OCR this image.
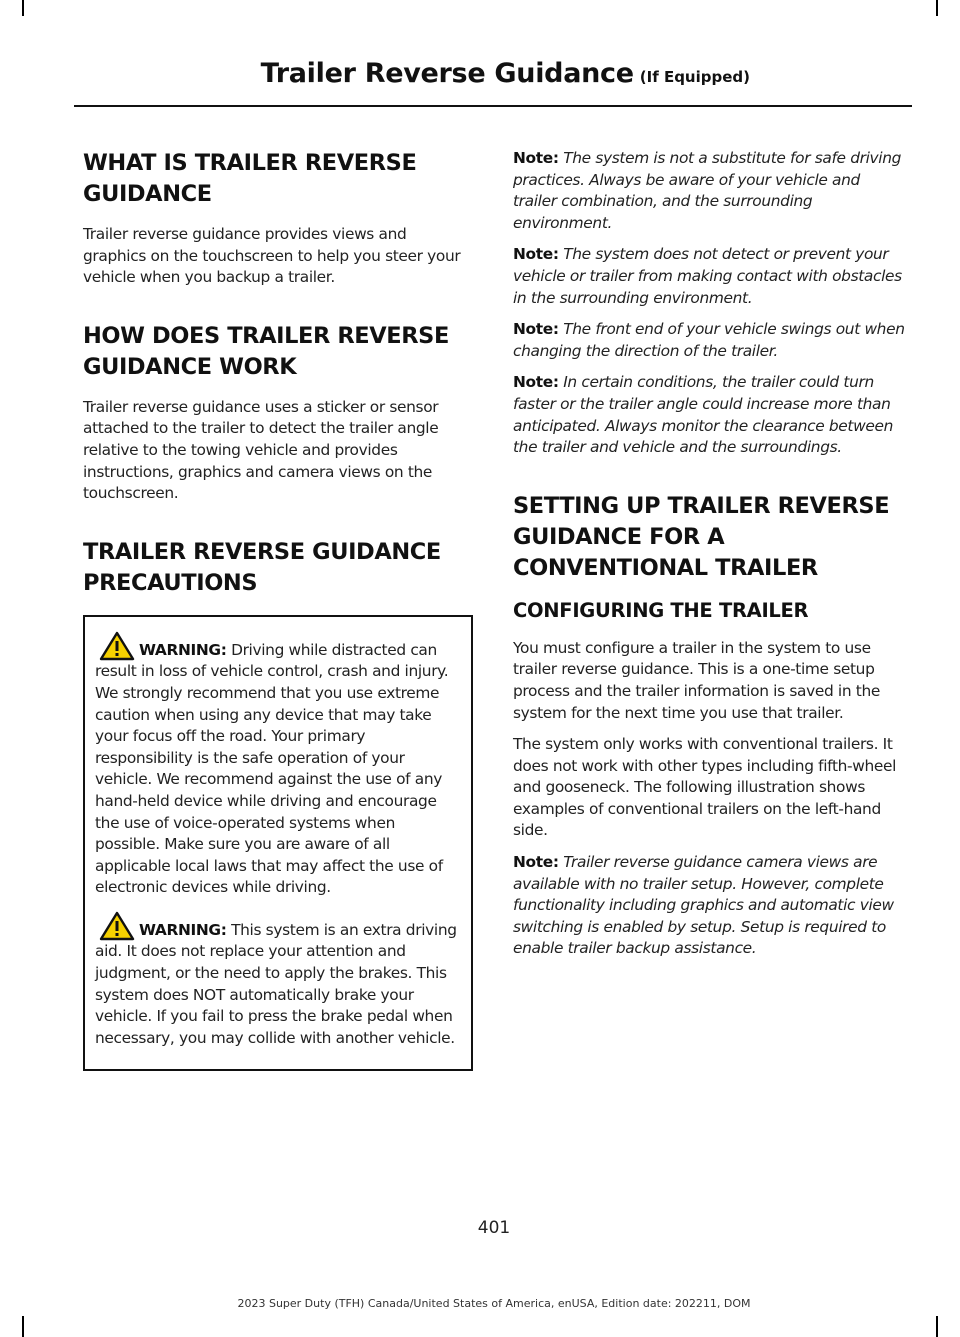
Trailer Reverse Guidance (If Equipped)
WHAT IS TRAILER REVERSE GUIDANCE

Trailer reverse guidance provides views and graphics on the touchscreen to help you steer your vehicle when you backup a trailer.

HOW DOES TRAILER REVERSE GUIDANCE WORK

Trailer reverse guidance uses a sticker or sensor attached to the trailer to detect the trailer angle relative to the towing vehicle and provides instructions, graphics and camera views on the touchscreen.

TRAILER REVERSE GUIDANCE PRECAUTIONS

WARNING: Driving while distracted can result in loss of vehicle control, crash and injury. We strongly recommend that you use extreme caution when using any device that may take your focus off the road. Your primary responsibility is the safe operation of your vehicle. We recommend against the use of any hand-held device while driving and encourage the use of voice-operated systems when possible. Make sure you are aware of all applicable local laws that may affect the use of electronic devices while driving.

WARNING: This system is an extra driving aid. It does not replace your attention and judgment, or the need to apply the brakes. This system does NOT automatically brake your vehicle. If you fail to press the brake pedal when necessary, you may collide with another vehicle.

Note: The system is not a substitute for safe driving practices. Always be aware of your vehicle and trailer combination, and the surrounding environment.

Note: The system does not detect or prevent your vehicle or trailer from making contact with obstacles in the surrounding environment.

Note: The front end of your vehicle swings out when changing the direction of the trailer.

Note: In certain conditions, the trailer could turn faster or the trailer angle could increase more than anticipated. Always monitor the clearance between the trailer and vehicle and the surroundings.

SETTING UP TRAILER REVERSE GUIDANCE FOR A CONVENTIONAL TRAILER
CONFIGURING THE TRAILER

You must configure a trailer in the system to use trailer reverse guidance. This is a one-time setup process and the trailer information is saved in the system for the next time you use that trailer.

The system only works with conventional trailers. It does not work with other types including fifth-wheel and gooseneck. The following illustration shows examples of conventional trailers on the left-hand side.

Note: Trailer reverse guidance camera views are available with no trailer setup. However, complete functionality including graphics and automatic view switching is enabled by setup. Setup is required to enable trailer backup assistance.

401
2023 Super Duty (TFH) Canada/United States of America, enUSA, Edition date: 202211, DOM
